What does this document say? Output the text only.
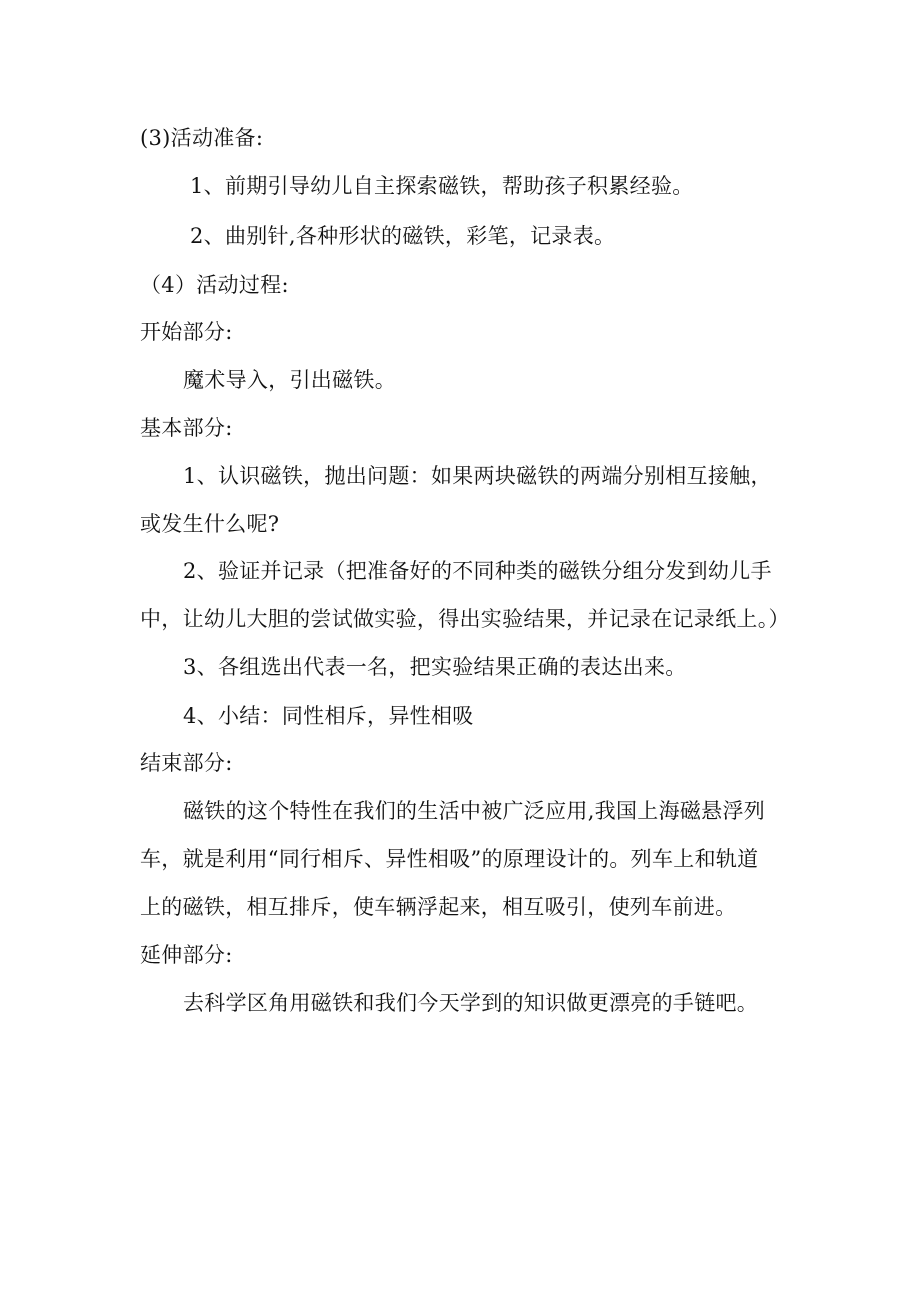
(3)活动准备:
1、前期引导幼儿自主探索磁铁，帮助孩子积累经验。
2、曲别针,各种形状的磁铁，彩笔，记录表。
（4）活动过程:
开始部分:
魔术导入，引出磁铁。
基本部分:
1、认识磁铁，抛出问题：如果两块磁铁的两端分别相互接触，
或发生什么呢?
2、验证并记录（把准备好的不同种类的磁铁分组分发到幼儿手
中，让幼儿大胆的尝试做实验，得出实验结果，并记录在记录纸上。）
3、各组选出代表一名，把实验结果正确的表达出来。
4、小结：同性相斥，异性相吸
结束部分:
磁铁的这个特性在我们的生活中被广泛应用,我国上海磁悬浮列
车，就是利用“同行相斥、异性相吸”的原理设计的。列车上和轨道
上的磁铁，相互排斥，使车辆浮起来，相互吸引，使列车前进。
延伸部分:
去科学区角用磁铁和我们今天学到的知识做更漂亮的手链吧。
